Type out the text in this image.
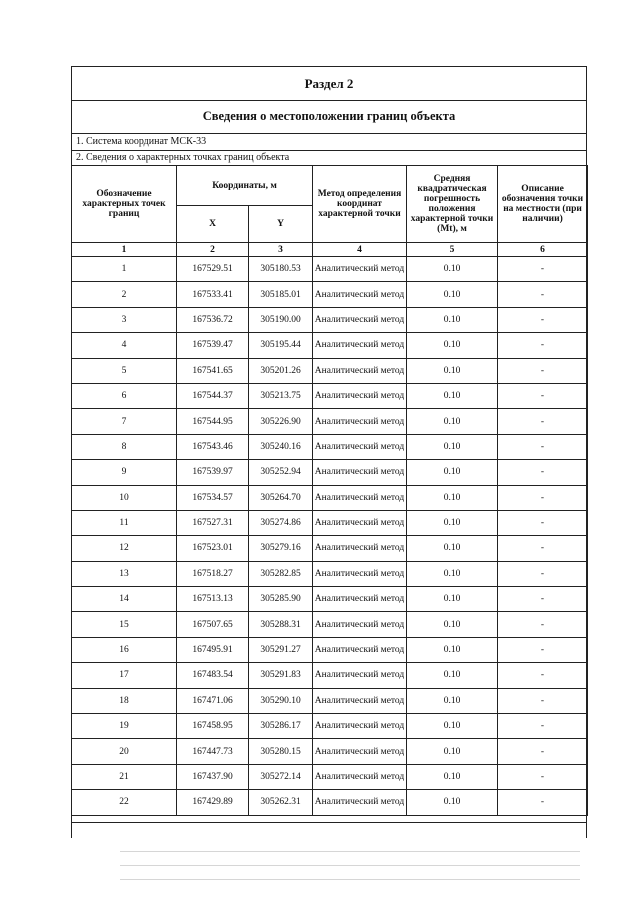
Раздел 2
Сведения о местоположении границ объекта
1. Система координат МСК-33
2. Сведения о характерных точках границ объекта
Обозначение характерных точек границ	Координаты, м		Метод определения координат характерной точки	Средняя квадратическая погрешность положения характерной точки (Mt), м	Описание обозначения точки на местности (при наличии)
	X	Y			
1	2	3	4	5	6
1	167529.51	305180.53	Аналитический метод	0.10	-
2	167533.41	305185.01	Аналитический метод	0.10	-
3	167536.72	305190.00	Аналитический метод	0.10	-
4	167539.47	305195.44	Аналитический метод	0.10	-
5	167541.65	305201.26	Аналитический метод	0.10	-
6	167544.37	305213.75	Аналитический метод	0.10	-
7	167544.95	305226.90	Аналитический метод	0.10	-
8	167543.46	305240.16	Аналитический метод	0.10	-
9	167539.97	305252.94	Аналитический метод	0.10	-
10	167534.57	305264.70	Аналитический метод	0.10	-
11	167527.31	305274.86	Аналитический метод	0.10	-
12	167523.01	305279.16	Аналитический метод	0.10	-
13	167518.27	305282.85	Аналитический метод	0.10	-
14	167513.13	305285.90	Аналитический метод	0.10	-
15	167507.65	305288.31	Аналитический метод	0.10	-
16	167495.91	305291.27	Аналитический метод	0.10	-
17	167483.54	305291.83	Аналитический метод	0.10	-
18	167471.06	305290.10	Аналитический метод	0.10	-
19	167458.95	305286.17	Аналитический метод	0.10	-
20	167447.73	305280.15	Аналитический метод	0.10	-
21	167437.90	305272.14	Аналитический метод	0.10	-
22	167429.89	305262.31	Аналитический метод	0.10	-
